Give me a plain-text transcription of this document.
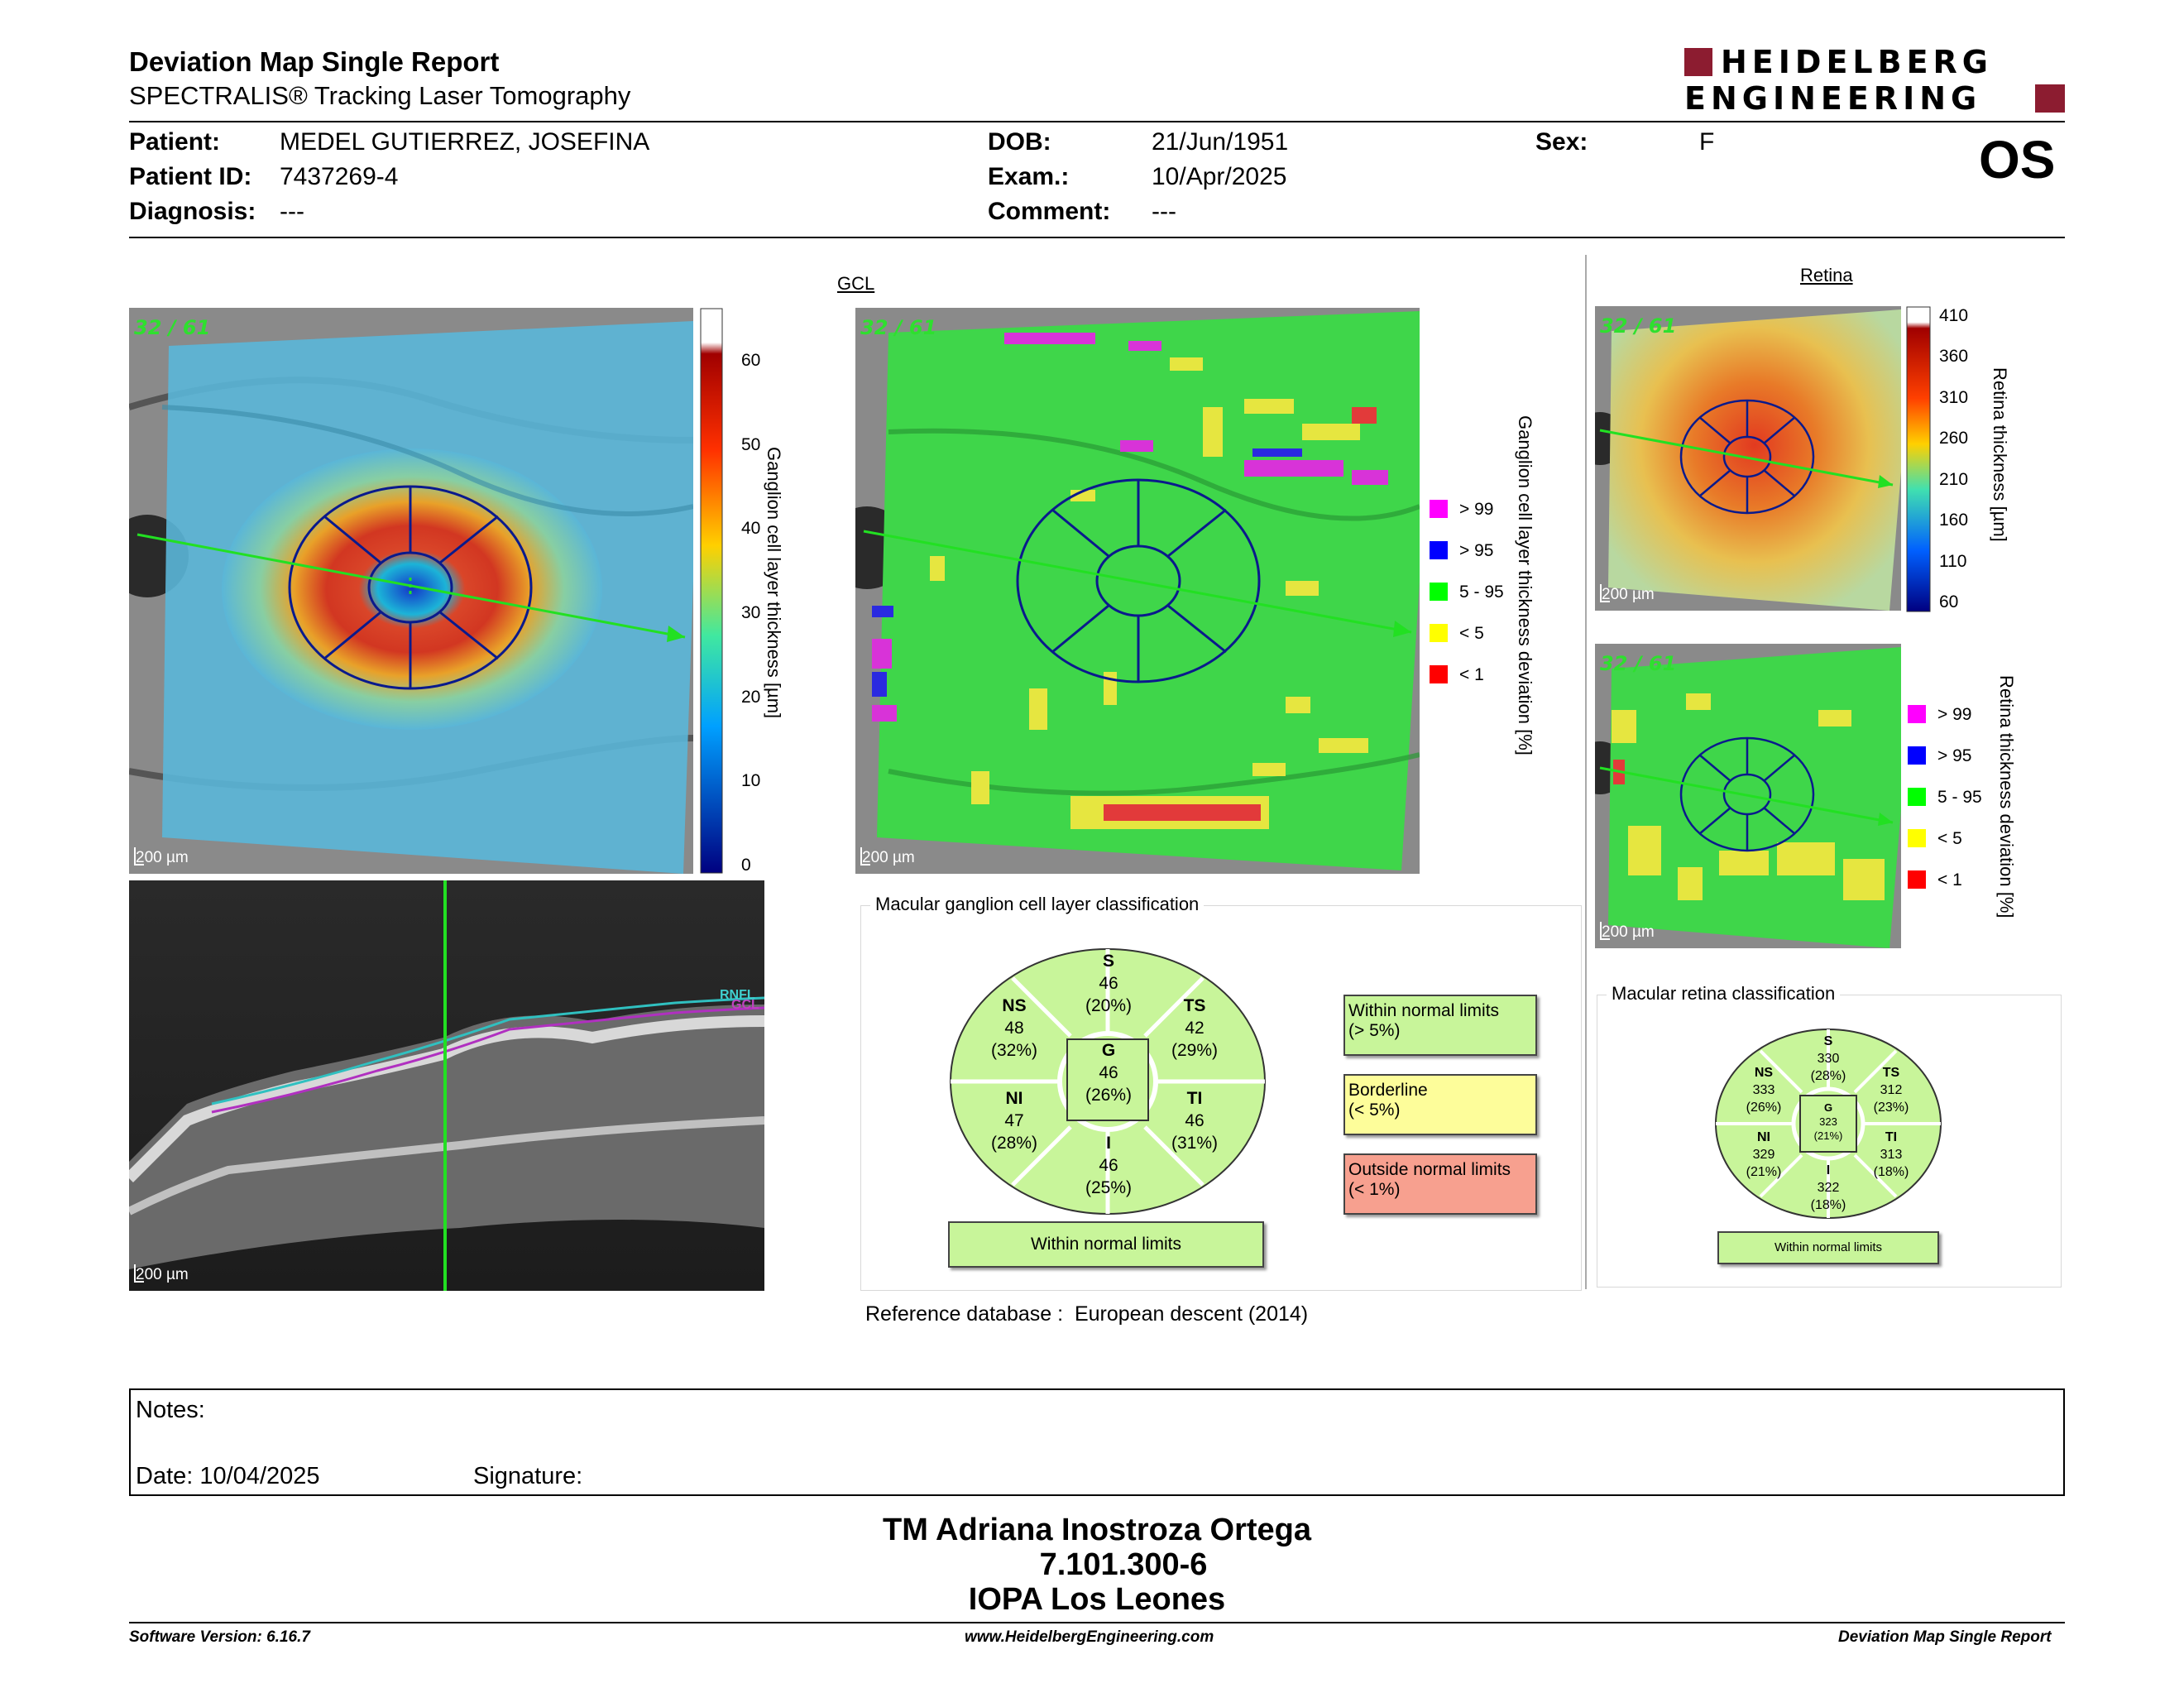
Deviation Map Single Report
SPECTRALIS® Tracking Laser Tomography
HEIDELBERG
ENGINEERING
Patient: MEDEL GUTIERREZ, JOSEFINA
Patient ID: 7437269-4
Diagnosis: ---
DOB:	21/Jun/1951
Exam.:	10/Apr/2025
Comment: ---
Sex:	F	OS
32 / 61
200 µm
60
50
40
30
20
10
0
Ganglion cell layer thickness [µm]
GCL
32 / 61
200 µm
> 99
> 95
5 - 95
< 5
< 1 Ganglion cell layer thickness deviation [%]
RNFL
GCL
200 µm
Macular ganglion cell layer classification
S
46
(20%)
NS
48
(32%)
TS
42
(29%)
G
46
(26%)
NI
47
(28%)
TI
46
(31%)
I
46
(25%)
Within normal limits
Within normal limits
(> 5%)
Borderline
(< 5%)
Outside normal limits
(< 1%)
Reference database : European descent (2014)
Retina
32 / 61
200 µm
410
360
310
260
210
160
110
60
Retina thickness [µm]
32 / 61
200 µm
> 99
> 95
5 - 95
< 5
< 1 Retina thickness deviation [%]
Macular retina classification
S
330
(28%)
NS
333
(26%)
TS
312
(23%)
G
323
(21%)
NI
329
(21%)
TI
313
(18%)
I
322
(18%)
Within normal limits
Notes:
Date: 10/04/2025	Signature:
TM Adriana Inostroza Ortega
7.101.300-6
IOPA Los Leones
Software Version: 6.16.7	www.HeidelbergEngineering.com	Deviation Map Single Report
